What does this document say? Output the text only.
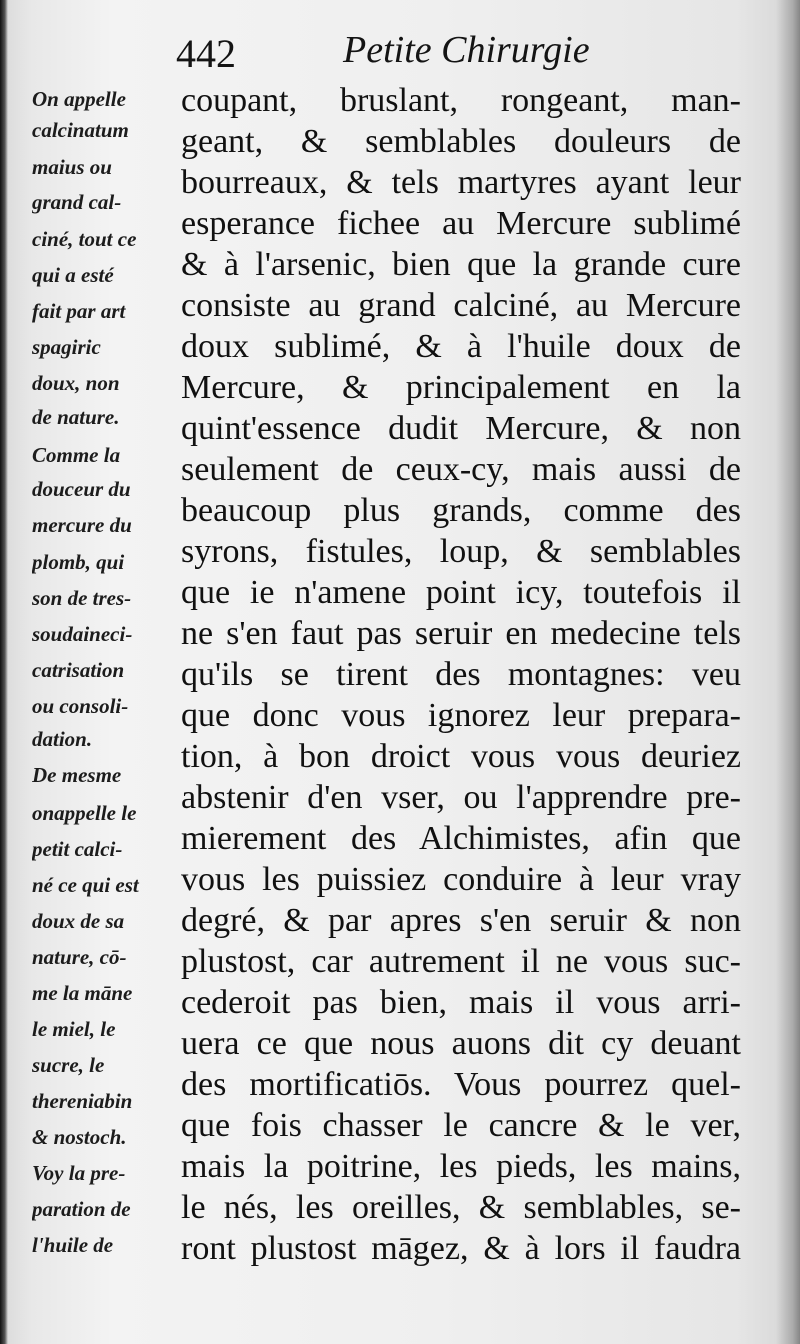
442	Petite Chirurgie
On appelle
calcinatum
maius ou
grand cal-
ciné, tout ce
qui a esté
fait par art
spagiric
doux, non
de nature.
Comme la
douceur du
mercure du
plomb, qui
son de tres-
soudaineci-
catrisation
ou consoli-
dation.
De mesme
onappelle le
petit calci-
né ce qui est
doux de sa
nature, cō-
me la māne
le miel, le
sucre, le
thereniabin
& nostoch.
Voy la pre-
paration de
l'huile de
coupant, bruslant, rongeant, man-
geant, & semblables douleurs de
bourreaux, & tels martyres ayant leur
esperance fichee au Mercure sublimé
& à l'arsenic, bien que la grande cure
consiste au grand calciné, au Mercure
doux sublimé, & à l'huile doux de
Mercure, & principalement en la
quint'essence dudit Mercure, & non
seulement de ceux-cy, mais aussi de
beaucoup plus grands, comme des
syrons, fistules, loup, & semblables
que ie n'amene point icy, toutefois il
ne s'en faut pas seruir en medecine tels
qu'ils se tirent des montagnes: veu
que donc vous ignorez leur prepara-
tion, à bon droict vous vous deuriez
abstenir d'en vser, ou l'apprendre pre-
mierement des Alchimistes, afin que
vous les puissiez conduire à leur vray
degré, & par apres s'en seruir & non
plustost, car autrement il ne vous suc-
cederoit pas bien, mais il vous arri-
uera ce que nous auons dit cy deuant
des mortificatiōs. Vous pourrez quel-
que fois chasser le cancre & le ver,
mais la poitrine, les pieds, les mains,
le nés, les oreilles, & semblables, se-
ront plustost māgez, & à lors il faudra
